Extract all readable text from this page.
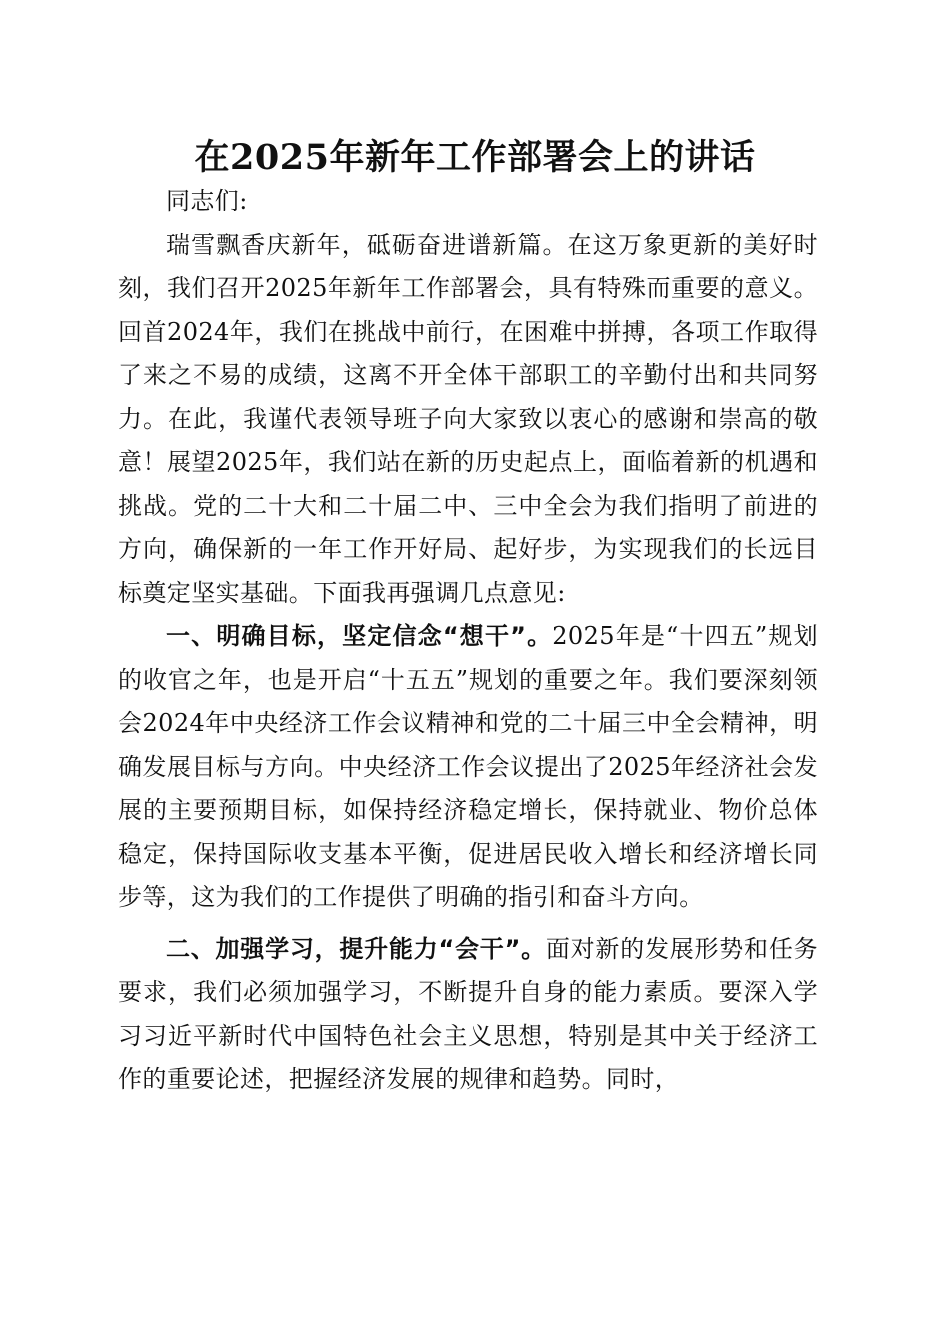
在2025年新年工作部署会上的讲话

同志们:

瑞雪飘香庆新年，砥砺奋进谱新篇。在这万象更新的美好时刻，我们召开2025年新年工作部署会，具有特殊而重要的意义。回首2024年，我们在挑战中前行，在困难中拼搏，各项工作取得了来之不易的成绩，这离不开全体干部职工的辛勤付出和共同努力。在此，我谨代表领导班子向大家致以衷心的感谢和崇高的敬意！展望2025年，我们站在新的历史起点上，面临着新的机遇和挑战。党的二十大和二十届二中、三中全会为我们指明了前进的方向，确保新的一年工作开好局、起好步，为实现我们的长远目标奠定坚实基础。下面我再强调几点意见:

一、明确目标，坚定信念“想干”。2025年是“十四五”规划的收官之年，也是开启“十五五”规划的重要之年。我们要深刻领会2024年中央经济工作会议精神和党的二十届三中全会精神，明确发展目标与方向。中央经济工作会议提出了2025年经济社会发展的主要预期目标，如保持经济稳定增长，保持就业、物价总体稳定，保持国际收支基本平衡，促进居民收入增长和经济增长同步等，这为我们的工作提供了明确的指引和奋斗方向。

二、加强学习，提升能力“会干”。面对新的发展形势和任务要求，我们必须加强学习，不断提升自身的能力素质。要深入学习习近平新时代中国特色社会主义思想，特别是其中关于经济工作的重要论述，把握经济发展的规律和趋势。同时，
